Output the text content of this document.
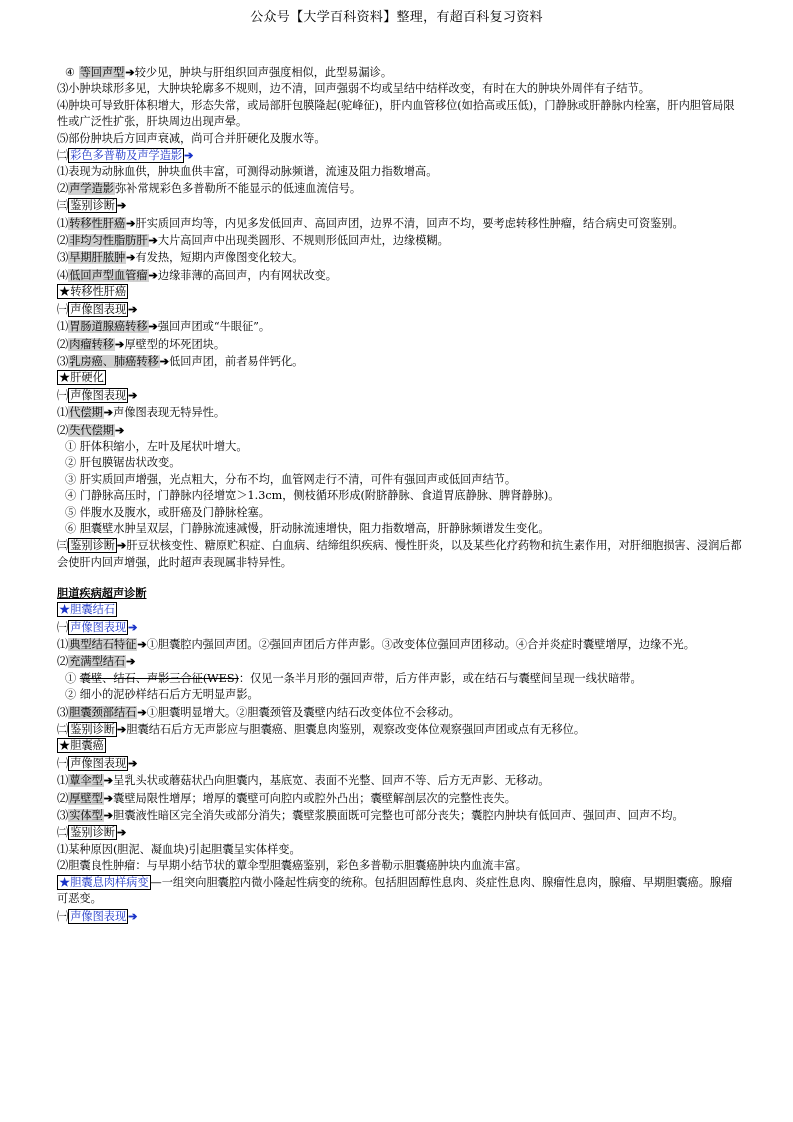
公众号【大学百科资料】整理，有超百科复习资料

④ 等回声型➔较少见，肿块与肝组织回声强度相似，此型易漏诊。

⑶小肿块球形多见，大肿块轮廓多不规则，边不清，回声强弱不均或呈结中结样改变，有时在大的肿块外周伴有子结节。

⑷肿块可导致肝体积增大，形态失常，或局部肝包膜隆起(驼峰征)，肝内血管移位(如拾高或压低)，门静脉或肝静脉内栓塞，肝内胆管局限性或广泛性扩张，肝块周边出现声晕。

⑸部份肿块后方回声衰减，尚可合并肝硬化及腹水等。

㈡ 彩色多普勒及声学造影 ➔

⑴表现为动脉血供，肿块血供丰富，可测得动脉频谱，流速及阻力指数增高。

⑵声学造影弥补常规彩色多普勒所不能显示的低速血流信号。

㈢ 鉴别诊断 ➔

⑴转移性肝癌➔肝实质回声均等，内见多发低回声、高回声团，边界不清，回声不均，要考虑转移性肿瘤，结合病史可资鉴别。

⑵非均匀性脂肪肝➔大片高回声中出现类圆形、不规则形低回声灶，边缘模糊。

⑶早期肝脓肿➔有发热，短期内声像图变化较大。

⑷低回声型血管瘤➔边缘菲薄的高回声，内有网状改变。

★转移性肝癌

㈠ 声像图表现 ➔

⑴胃肠道腺癌转移➔强回声团或“牛眼征”。

⑵肉瘤转移➔厚壁型的坏死团块。

⑶乳房癌、肺癌转移➔低回声团，前者易伴钙化。

★肝硬化

㈠ 声像图表现 ➔

⑴代偿期➔声像图表现无特异性。

⑵失代偿期➔

① 肝体积缩小，左叶及尾状叶增大。

② 肝包膜锯齿状改变。

③ 肝实质回声增强，光点粗大，分布不均，血管网走行不清，可件有强回声或低回声结节。

④ 门静脉高压时，门静脉内径增宽＞1.3cm，侧枝循环形成(附脐静脉、食道胃底静脉、脾肾静脉)。

⑤ 伴腹水及腹水，或肝癌及门静脉栓塞。

⑥ 胆囊壁水肿呈双层，门静脉流速减慢，肝动脉流速增快，阻力指数增高，肝静脉频谱发生变化。

㈢ 鉴别诊断 ➔肝豆状核变性、糖原贮积症、白血病、结缔组织疾病、慢性肝炎，以及某些化疗药物和抗生素作用，对肝细胞损害、浸润后都会使肝内回声增强，此时超声表现属非特异性。

胆道疾病超声诊断

★胆囊结石

㈠ 声像图表现 ➔

⑴典型结石特征➔①胆囊腔内强回声团。②强回声团后方伴声影。③改变体位强回声团移动。④合并炎症时囊壁增厚，边缘不光。

⑵充满型结石➔

① 囊壁、结石、声影三合征(WES)：仅见一条半月形的强回声带，后方伴声影，或在结石与囊壁间呈现一线状暗带。

② 细小的泥砂样结石后方无明显声影。

⑶胆囊颈部结石➔①胆囊明显增大。②胆囊颈管及囊壁内结石改变体位不会移动。

㈡ 鉴别诊断 ➔胆囊结石后方无声影应与胆囊癌、胆囊息肉鉴别，观察改变体位观察强回声团或点有无移位。

★胆囊癌

㈠ 声像图表现 ➔

⑴蕈伞型➔呈乳头状或蘑菇状凸向胆囊内，基底宽、表面不光整、回声不等、后方无声影、无移动。

⑵厚壁型➔囊壁局限性增厚；增厚的囊壁可向腔内或腔外凸出；囊壁解剖层次的完整性丧失。

⑶实体型➔胆囊液性暗区完全消失或部分消失；囊壁浆膜面既可完整也可部分丧失；囊腔内肿块有低回声、强回声、回声不均。

㈡ 鉴别诊断 ➔

⑴某种原因(胆泥、凝血块)引起胆囊呈实体样变。

⑵胆囊良性肿瘤：与早期小结节状的蕈伞型胆囊癌鉴别，彩色多普勒示胆囊癌肿块内血流丰富。

★胆囊息肉样病变 —一组突向胆囊腔内微小隆起性病变的统称。包括胆固醇性息肉、炎症性息肉、腺瘤性息肉，腺瘤、早期胆囊癌。腺瘤可恶变。

㈠ 声像图表现 ➔
